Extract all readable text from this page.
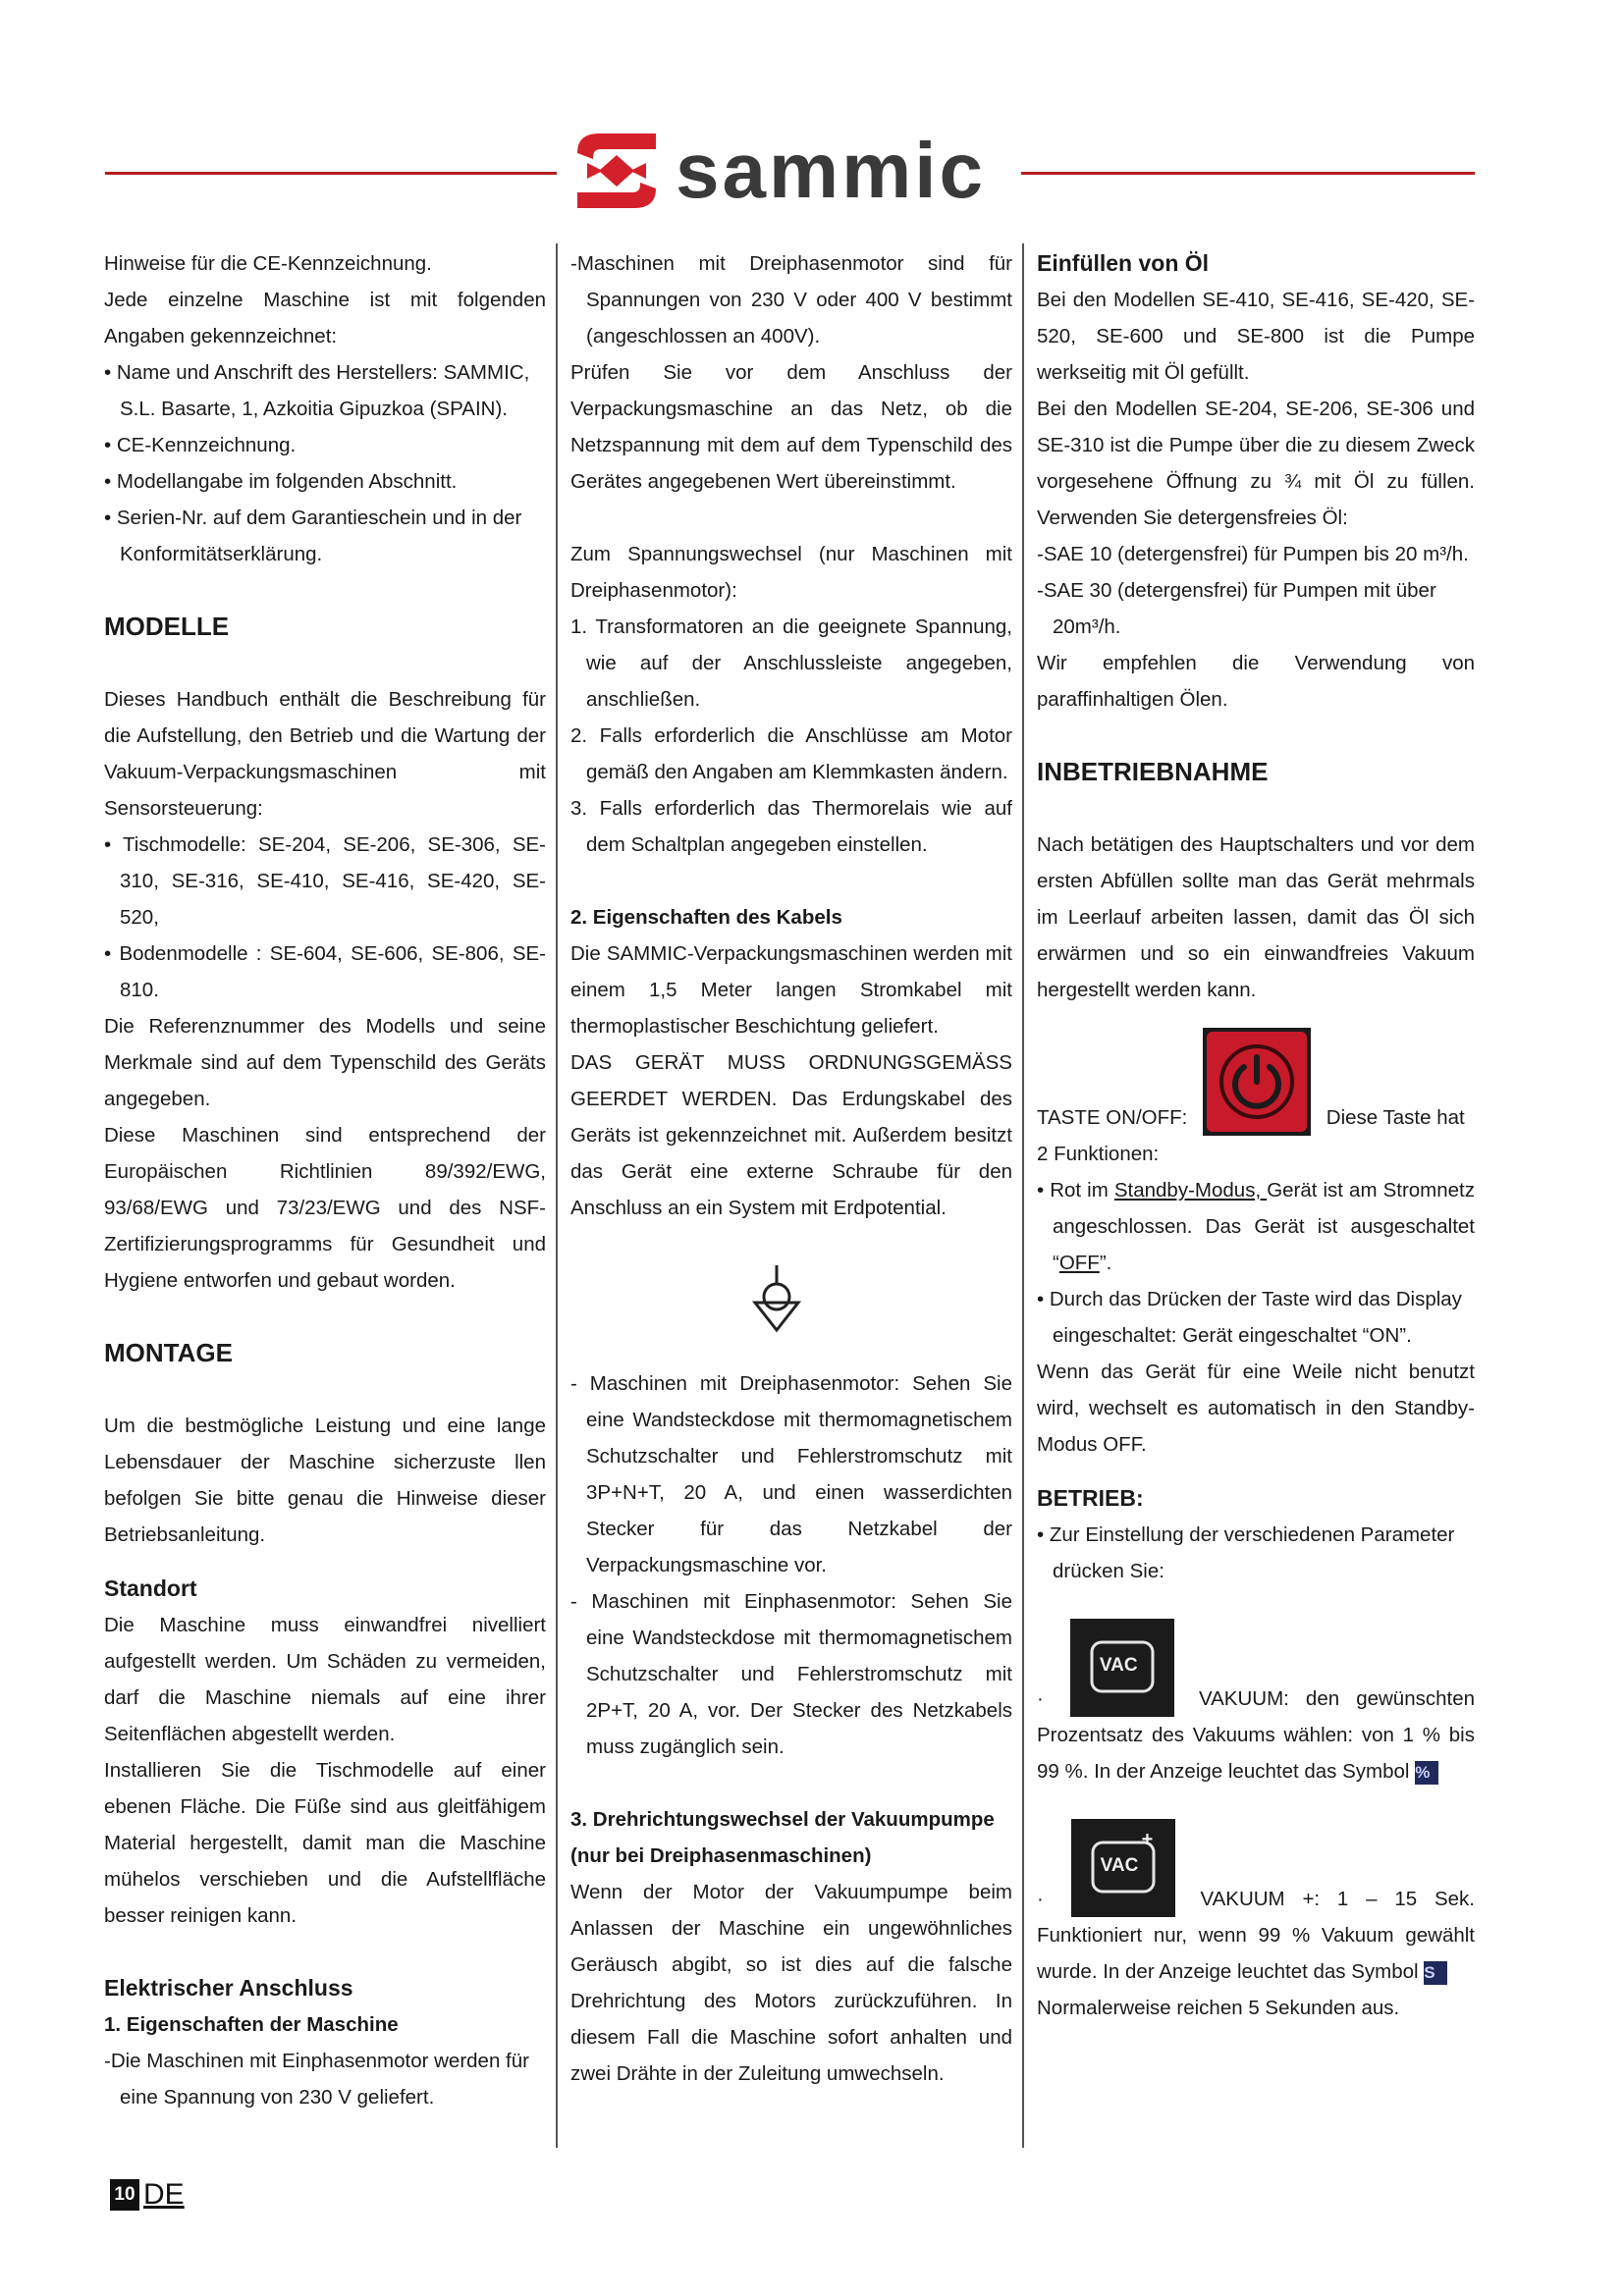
sammic

Hinweise für die CE-Kennzeichnung.

Jede einzelne Maschine ist mit folgenden Angaben gekennzeichnet:

• Name und Anschrift des Herstellers: SAMMIC, S.L. Basarte, 1, Azkoitia Gipuzkoa (SPAIN).

• CE-Kennzeichnung.

• Modellangabe im folgenden Abschnitt.

• Serien-Nr. auf dem Garantieschein und in der Konformitätserklärung.

MODELLE

Dieses Handbuch enthält die Beschreibung für die Aufstellung, den Betrieb und die Wartung der Vakuum-Verpackungsmaschinen mit Sensorsteuerung:

• Tischmodelle: SE-204, SE-206, SE-306, SE-310, SE-316, SE-410, SE-416, SE-420, SE-520,

• Bodenmodelle : SE-604, SE-606, SE-806, SE-810.

Die Referenznummer des Modells und seine Merkmale sind auf dem Typenschild des Geräts angegeben.

Diese Maschinen sind entsprechend der Europäischen Richtlinien 89/392/EWG, 93/68/EWG und 73/23/EWG und des NSF-Zertifizierungsprogramms für Gesundheit und Hygiene entworfen und gebaut worden.

MONTAGE

Um die bestmögliche Leistung und eine lange Lebensdauer der Maschine sicherzuste llen befolgen Sie bitte genau die Hinweise dieser Betriebsanleitung.

Standort

Die Maschine muss einwandfrei nivelliert aufgestellt werden. Um Schäden zu vermeiden, darf die Maschine niemals auf eine ihrer Seitenflächen abgestellt werden.

Installieren Sie die Tischmodelle auf einer ebenen Fläche. Die Füße sind aus gleitfähigem Material hergestellt, damit man die Maschine mühelos verschieben und die Aufstellfläche besser reinigen kann.

Elektrischer Anschluss
1. Eigenschaften der Maschine

-Die Maschinen mit Einphasenmotor werden für eine Spannung von 230 V geliefert.

-Maschinen mit Dreiphasenmotor sind für Spannungen von 230 V oder 400 V bestimmt (angeschlossen an 400V).

Prüfen Sie vor dem Anschluss der Verpackungsmaschine an das Netz, ob die Netzspannung mit dem auf dem Typenschild des Gerätes angegebenen Wert übereinstimmt.

Zum Spannungswechsel (nur Maschinen mit Dreiphasenmotor):

1. Transformatoren an die geeignete Spannung, wie auf der Anschlussleiste angegeben, anschließen.

2. Falls erforderlich die Anschlüsse am Motor gemäß den Angaben am Klemmkasten ändern.

3. Falls erforderlich das Thermorelais wie auf dem Schaltplan angegeben einstellen.

2. Eigenschaften des Kabels

Die SAMMIC-Verpackungsmaschinen werden mit einem 1,5 Meter langen Stromkabel mit thermoplastischer Beschichtung geliefert.

DAS GERÄT MUSS ORDNUNGSGEMÄSS GEERDET WERDEN. Das Erdungskabel des Geräts ist gekennzeichnet mit. Außerdem besitzt das Gerät eine externe Schraube für den Anschluss an ein System mit Erdpotential.

- Maschinen mit Dreiphasenmotor: Sehen Sie eine Wandsteckdose mit thermomagnetischem Schutzschalter und Fehlerstromschutz mit 3P+N+T, 20 A, und einen wasserdichten Stecker für das Netzkabel der Verpackungsmaschine vor.

- Maschinen mit Einphasenmotor: Sehen Sie eine Wandsteckdose mit thermomagnetischem Schutzschalter und Fehlerstromschutz mit 2P+T, 20 A, vor. Der Stecker des Netzkabels muss zugänglich sein.

3. Drehrichtungswechsel der Vakuumpumpe (nur bei Dreiphasenmaschinen)

Wenn der Motor der Vakuumpumpe beim Anlassen der Maschine ein ungewöhnliches Geräusch abgibt, so ist dies auf die falsche Drehrichtung des Motors zurückzuführen. In diesem Fall die Maschine sofort anhalten und zwei Drähte in der Zuleitung umwechseln.

Einfüllen von Öl

Bei den Modellen SE-410, SE-416, SE-420, SE-520, SE-600 und SE-800 ist die Pumpe werkseitig mit Öl gefüllt.

Bei den Modellen SE-204, SE-206, SE-306 und SE-310 ist die Pumpe über die zu diesem Zweck vorgesehene Öffnung zu ¾ mit Öl zu füllen. Verwenden Sie detergensfreies Öl:

-SAE 10 (detergensfrei) für Pumpen bis 20 m³/h.

-SAE 30 (detergensfrei) für Pumpen mit über 20m³/h.

Wir empfehlen die Verwendung von paraffinhaltigen Ölen.

INBETRIEBNAHME

Nach betätigen des Hauptschalters und vor dem ersten Abfüllen sollte man das Gerät mehrmals im Leerlauf arbeiten lassen, damit das Öl sich erwärmen und so ein einwandfreies Vakuum hergestellt werden kann.

TASTE ON/OFF:	Diese Taste hat

2 Funktionen:

• Rot im Standby-Modus, Gerät ist am Stromnetz angeschlossen. Das Gerät ist ausgeschaltet “OFF”.

• Durch das Drücken der Taste wird das Display eingeschaltet: Gerät eingeschaltet “ON”.

Wenn das Gerät für eine Weile nicht benutzt wird, wechselt es automatisch in den Standby-Modus OFF.

BETRIEB:

• Zur Einstellung der verschiedenen Parameter drücken Sie:

·
VAC
VAKUUM: den gewünschten Prozentsatz des Vakuums wählen: von 1 % bis 99 %. In der Anzeige leuchtet das Symbol %

·
VAC
+
VAKUUM +: 1 – 15 Sek. Funktioniert nur, wenn 99 % Vakuum gewählt wurde. In der Anzeige leuchtet das Symbol S

Normalerweise reichen 5 Sekunden aus.

10 DE
